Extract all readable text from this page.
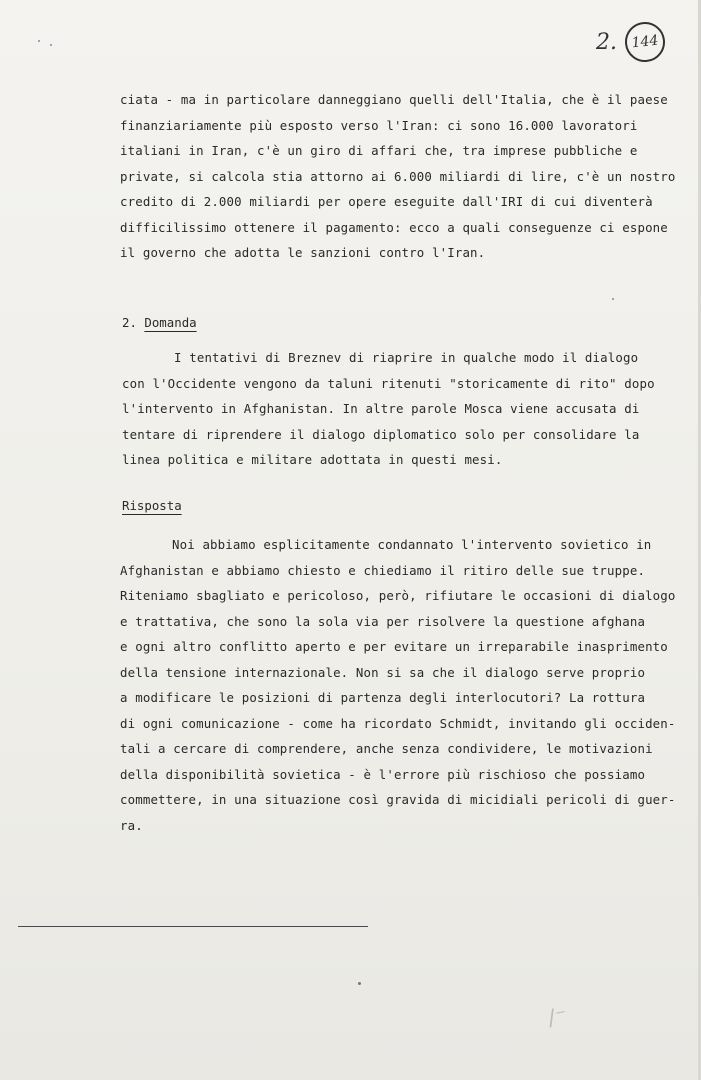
2. 144

ciata - ma in particolare danneggiano quelli dell'Italia, che è il paese

finanziariamente più esposto verso l'Iran: ci sono 16.000 lavoratori

italiani in Iran, c'è un giro di affari che, tra imprese pubbliche e

private, si calcola stia attorno ai 6.000 miliardi di lire, c'è un nostro

credito di 2.000 miliardi per opere eseguite dall'IRI di cui diventerà

difficilissimo ottenere il pagamento: ecco a quali conseguenze ci espone

il governo che adotta le sanzioni contro l'Iran.

2. Domanda

I tentativi di Breznev di riaprire in qualche modo il dialogo

con l'Occidente vengono da taluni ritenuti "storicamente di rito" dopo

l'intervento in Afghanistan. In altre parole Mosca viene accusata di

tentare di riprendere il dialogo diplomatico solo per consolidare la

linea politica e militare adottata in questi mesi.

Risposta

Noi abbiamo esplicitamente condannato l'intervento sovietico in

Afghanistan e abbiamo chiesto e chiediamo il ritiro delle sue truppe.

Riteniamo sbagliato e pericoloso, però, rifiutare le occasioni di dialogo

e trattativa, che sono la sola via per risolvere la questione afghana

e ogni altro conflitto aperto e per evitare un irreparabile inasprimento

della tensione internazionale. Non si sa che il dialogo serve proprio

a modificare le posizioni di partenza degli interlocutori? La rottura

di ogni comunicazione - come ha ricordato Schmidt, invitando gli occiden-

tali a cercare di comprendere, anche senza condividere, le motivazioni

della disponibilità sovietica - è l'errore più rischioso che possiamo

commettere, in una situazione così gravida di micidiali pericoli di guer-

ra.

/⁻
